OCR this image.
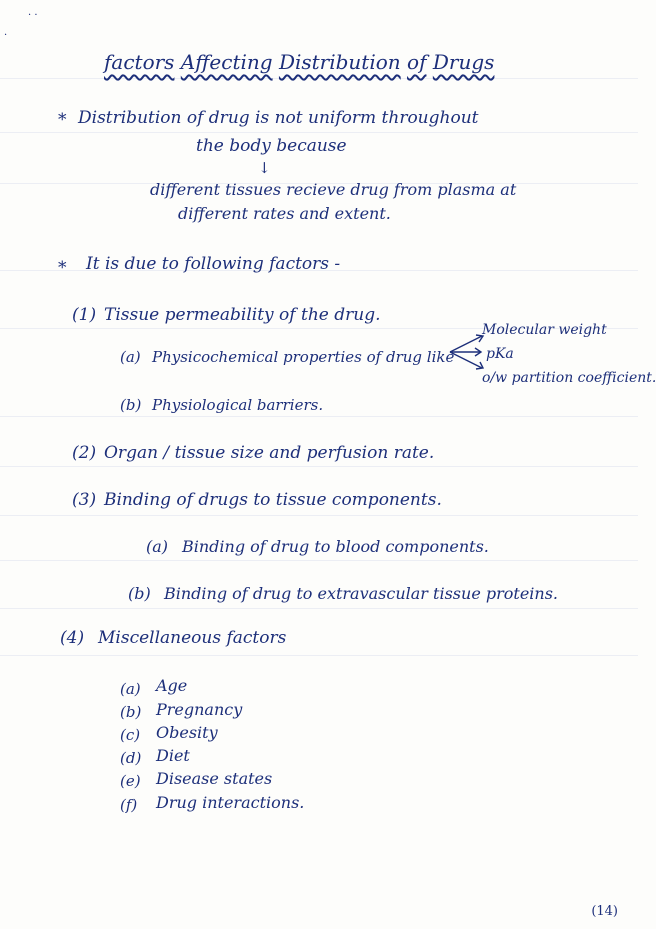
· ·
·
factors Affecting Distribution of Drugs
* Distribution of drug is not uniform throughout
the body because
↓
different tissues recieve drug from plasma at
different rates and extent.
* It is due to following factors -
(1) Tissue permeability of the drug.
(a) Physicochemical properties of drug like
Molecular weight
pKa
o/w partition coefficient.
(b) Physiological barriers.
(2) Organ / tissue size and perfusion rate.
(3) Binding of drugs to tissue components.
(a) Binding of drug to blood components.
(b) Binding of drug to extravascular tissue proteins.
(4) Miscellaneous factors
(a) Age
(b) Pregnancy
(c) Obesity
(d) Diet
(e) Disease states
(f) Drug interactions.
(14)
